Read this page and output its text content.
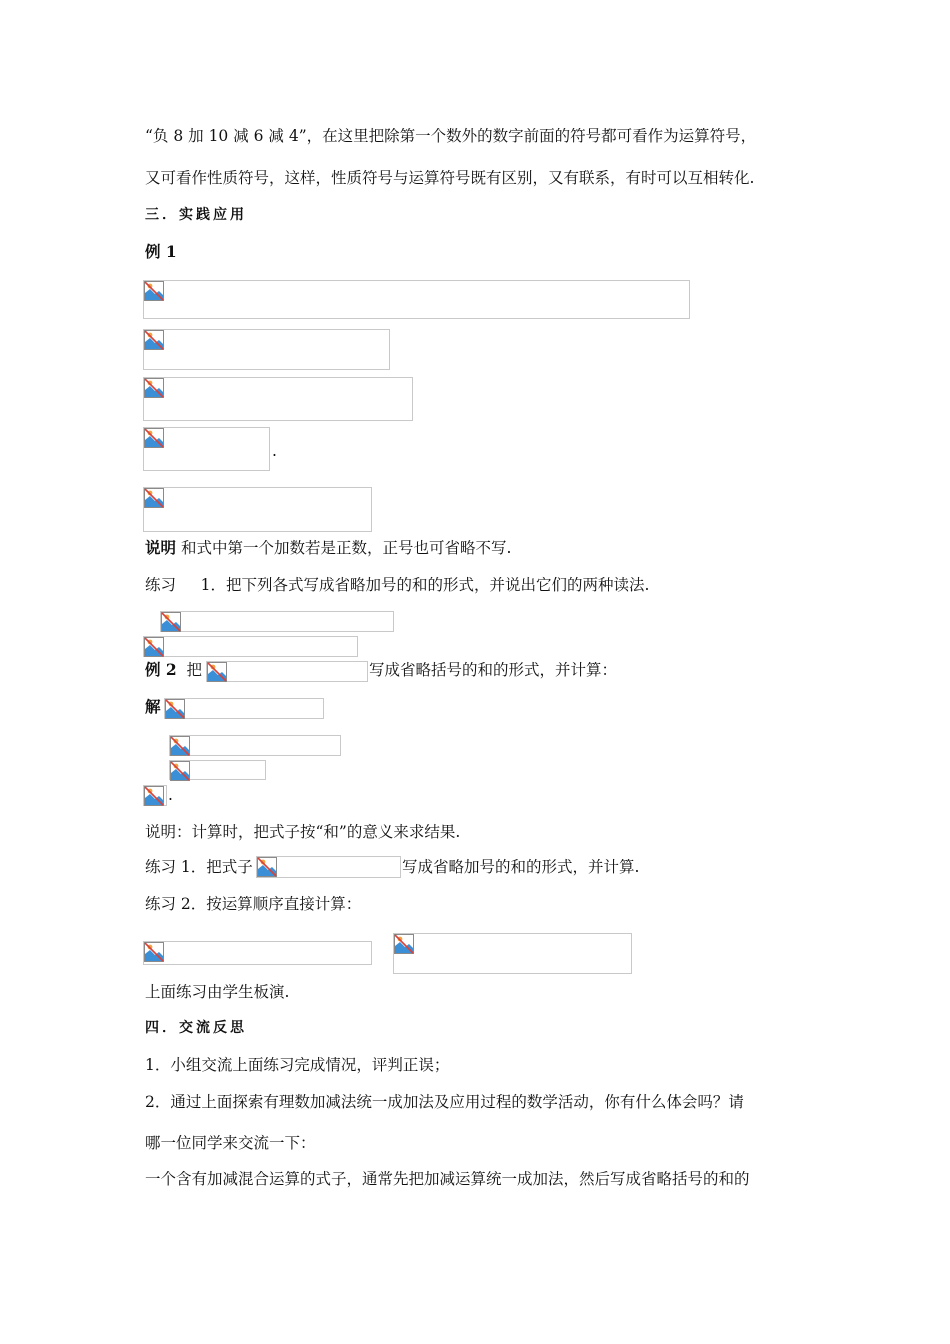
“负 8 加 10 减 6 减 4”，在这里把除第一个数外的数字前面的符号都可看作为运算符号，
又可看作性质符号，这样，性质符号与运算符号既有区别，又有联系，有时可以互相转化.
三．实践应用
例 1
.
说明 和式中第一个加数若是正数，正号也可省略不写.
练习 1．把下列各式写成省略加号的和的形式，并说出它们的两种读法.
例 2 把	写成省略括号的和的形式，并计算：
解
.
说明：计算时，把式子按“和”的意义来求结果.
练习 1．把式子	写成省略加号的和的形式，并计算.
练习 2．按运算顺序直接计算：
上面练习由学生板演.
四．交流反思
1．小组交流上面练习完成情况，评判正误；
2．通过上面探索有理数加减法统一成加法及应用过程的数学活动，你有什么体会吗？请
哪一位同学来交流一下：
一个含有加减混合运算的式子，通常先把加减运算统一成加法，然后写成省略括号的和的
